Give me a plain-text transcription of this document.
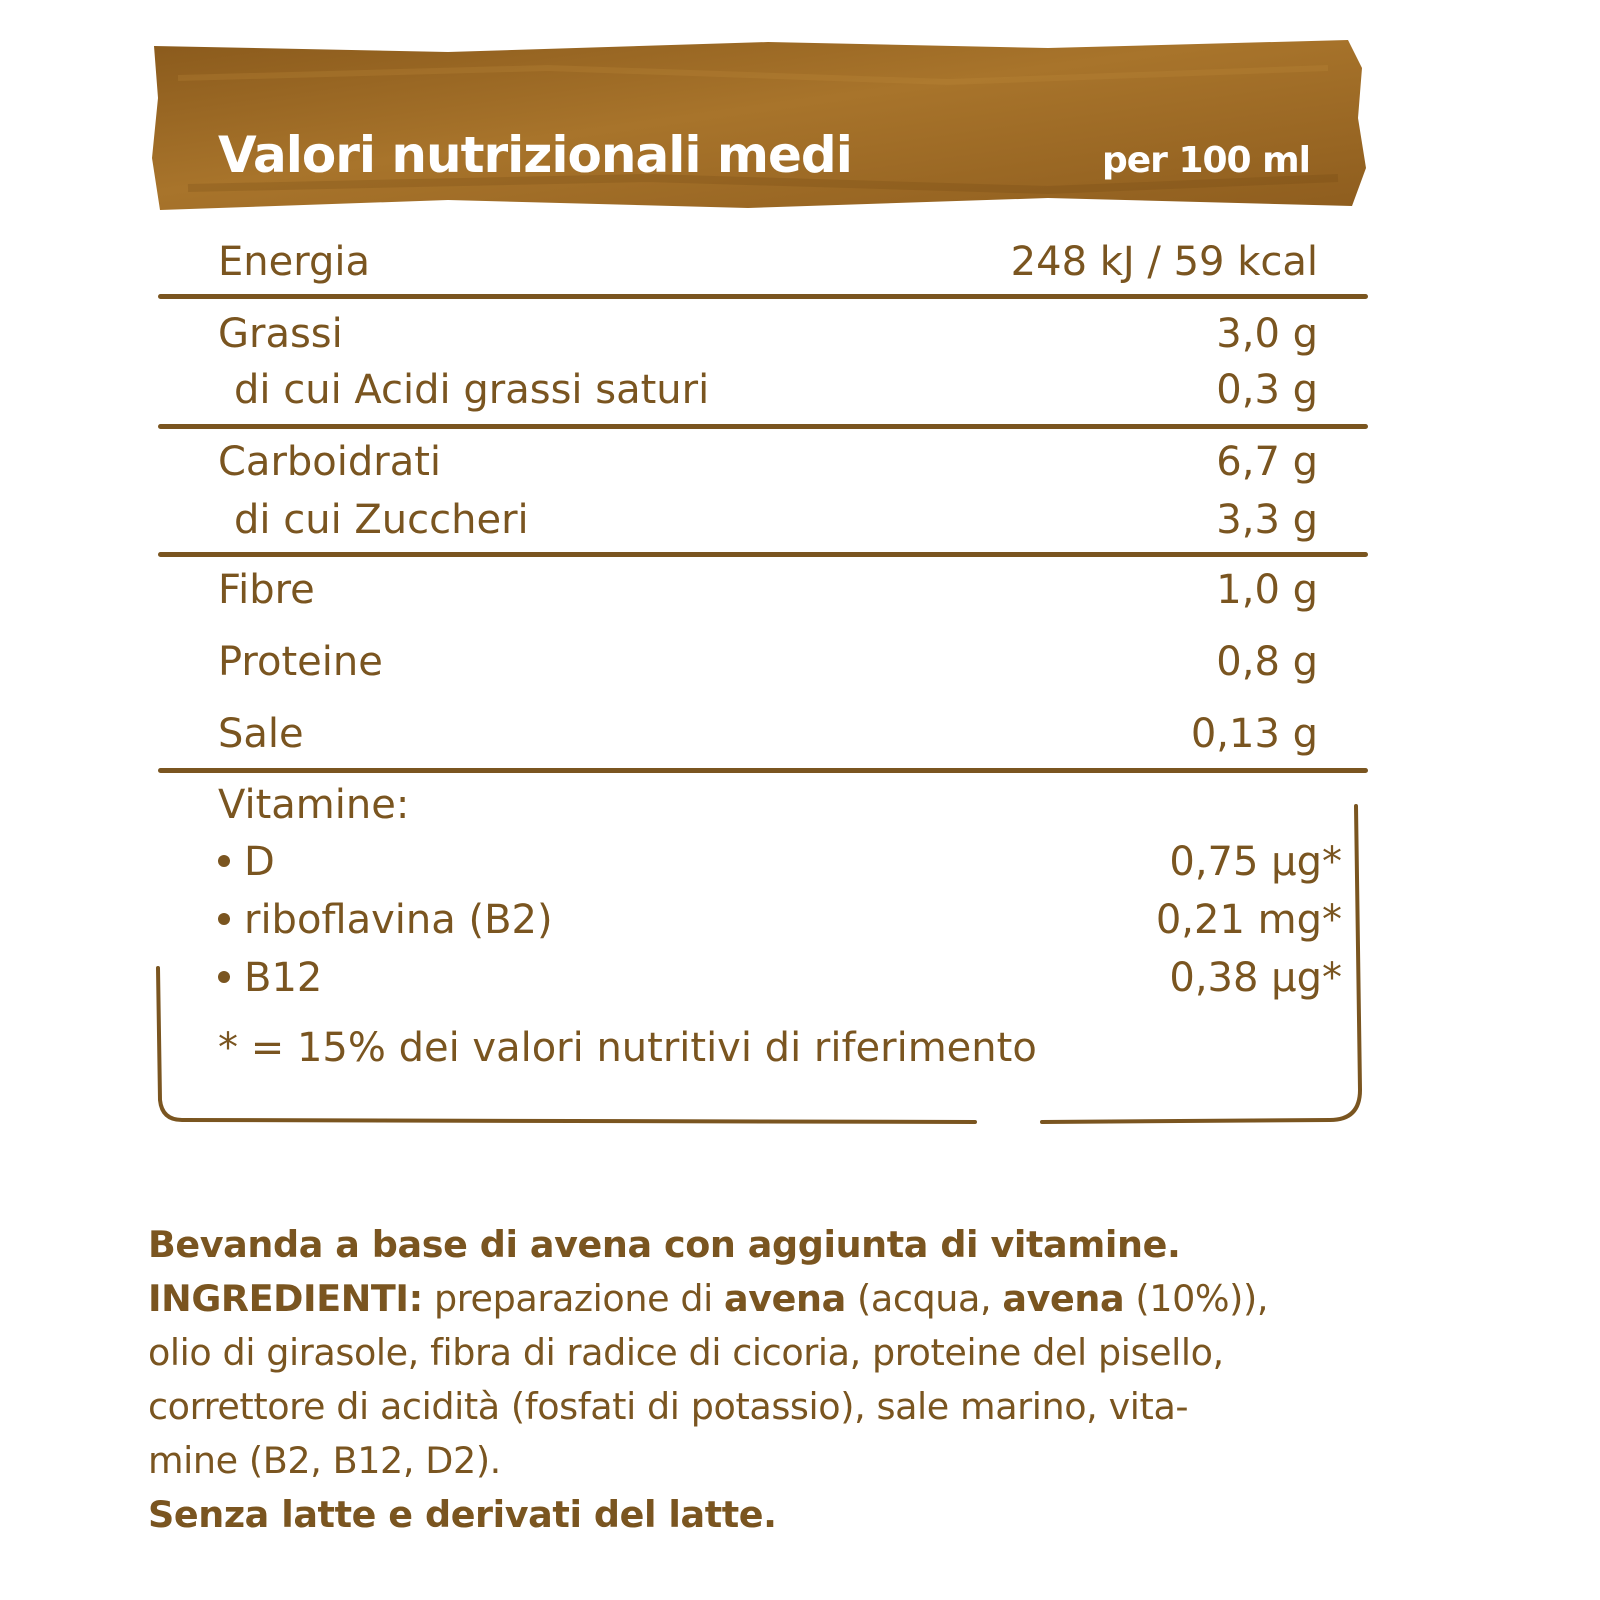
Valori nutrizionali medi	per 100 ml
Energia	248 kJ / 59 kcal
Grassi	3,0 g
di cui Acidi grassi saturi	0,3 g
Carboidrati	6,7 g
di cui Zuccheri	3,3 g
Fibre	1,0 g
Proteine	0,8 g
Sale	0,13 g
Vitamine:
D	0,75 µg*
riboflavina (B2)	0,21 mg*
B12	0,38 µg*
* = 15% dei valori nutritivi di riferimento

Bevanda a base di avena con aggiunta di vitamine.

INGREDIENTI: preparazione di avena (acqua, avena (10%)),

olio di girasole, fibra di radice di cicoria, proteine del pisello,

correttore di acidità (fosfati di potassio), sale marino, vita-

mine (B2, B12, D2).

Senza latte e derivati del latte.
